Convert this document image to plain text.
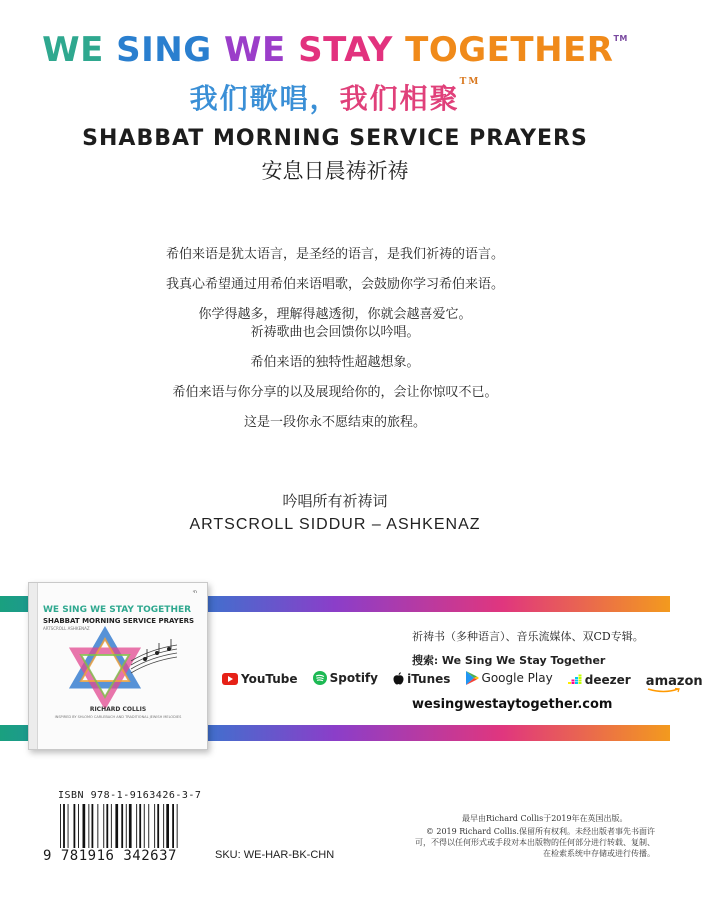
WE SING WE STAY TOGETHER™
我们歌唱，我们相聚™
SHABBAT MORNING SERVICE PRAYERS
安息日晨祷祈祷
希伯来语是犹太语言，是圣经的语言，是我们祈祷的语言。
我真心希望通过用希伯来语唱歌，会鼓励你学习希伯来语。
你学得越多，理解得越透彻，你就会越喜爱它。
祈祷歌曲也会回馈你以吟唱。
希伯来语的独特性超越想象。
希伯来语与你分享的以及展现给你的，会让你惊叹不已。
这是一段你永不愿结束的旅程。
吟唱所有祈祷词
ARTSCROLL SIDDUR – ASHKENAZ
חי
WE SING WE STAY TOGETHER
SHABBAT MORNING SERVICE PRAYERS
ARTSCROLL ASHKENAZ
RICHARD COLLIS
INSPIRED BY SHLOMO CARLEBACH AND TRADITIONAL JEWISH MELODIES
祈祷书（多种语言）、音乐流媒体、双CD专辑。
搜索: We Sing We Stay Together
YouTube
	Spotify
iTunes
	Google Play
	deezer
amazon
wesingwestaytogether.com
ISBN 978-1-9163426-3-7
9 781916 342637	SKU: WE-HAR-BK-CHN
最早由Richard Collis于2019年在英国出版。
© 2019 Richard Collis.保留所有权利。未经出版者事先书面许可，不得以任何形式或手段对本出版物的任何部分进行转载、复制、在检索系统中存储或进行传播。
